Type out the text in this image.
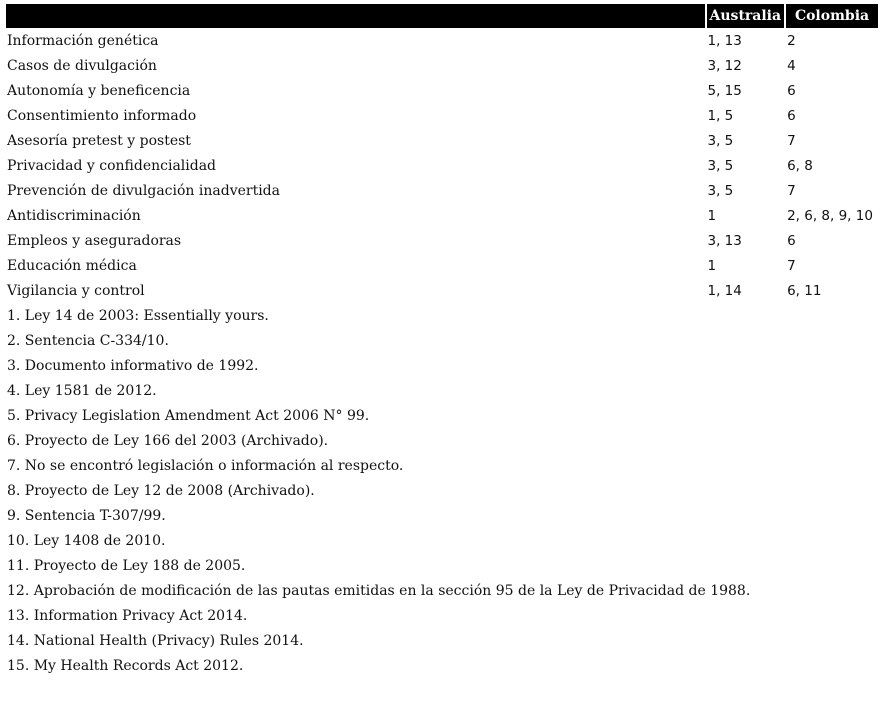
	Australia	Colombia
Información genética	1, 13	2
Casos de divulgación	3, 12	4
Autonomía y beneficencia	5, 15	6
Consentimiento informado	1, 5	6
Asesoría pretest y postest	3, 5	7
Privacidad y confidencialidad	3, 5	6, 8
Prevención de divulgación inadvertida	3, 5	7
Antidiscriminación	1	2, 6, 8, 9, 10
Empleos y aseguradoras	3, 13	6
Educación médica	1	7
Vigilancia y control	1, 14	6, 11
1. Ley 14 de 2003: Essentially yours.
2. Sentencia C-334/10.
3. Documento informativo de 1992.
4. Ley 1581 de 2012.
5. Privacy Legislation Amendment Act 2006 N° 99.
6. Proyecto de Ley 166 del 2003 (Archivado).
7. No se encontró legislación o información al respecto.
8. Proyecto de Ley 12 de 2008 (Archivado).
9. Sentencia T-307/99.
10. Ley 1408 de 2010.
11. Proyecto de Ley 188 de 2005.
12. Aprobación de modificación de las pautas emitidas en la sección 95 de la Ley de Privacidad de 1988.
13. Information Privacy Act 2014.
14. National Health (Privacy) Rules 2014.
15. My Health Records Act 2012.
